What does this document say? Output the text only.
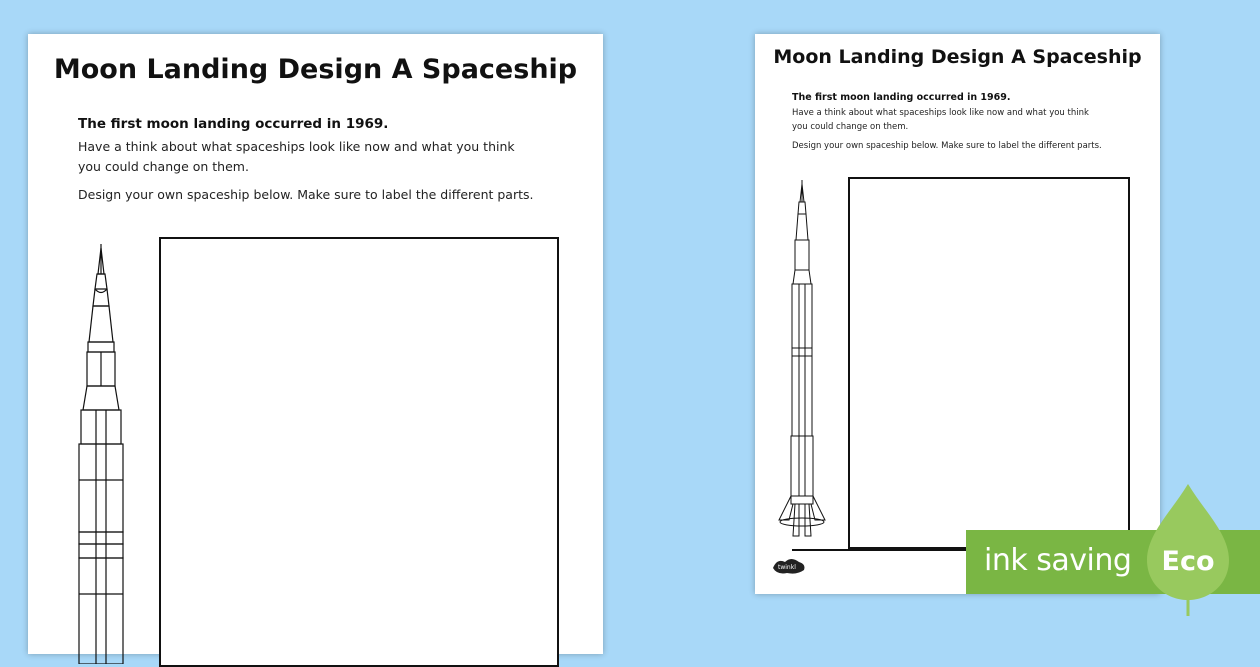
Moon Landing Design A Spaceship
The first moon landing occurred in 1969.
Have a think about what spaceships look like now and what you think
you could change on them.
Design your own spaceship below. Make sure to label the different parts.
Moon Landing Design A Spaceship
The first moon landing occurred in 1969.
Have a think about what spaceships look like now and what you think
you could change on them.
Design your own spaceship below. Make sure to label the different parts.
twinkl	ink saving Eco
